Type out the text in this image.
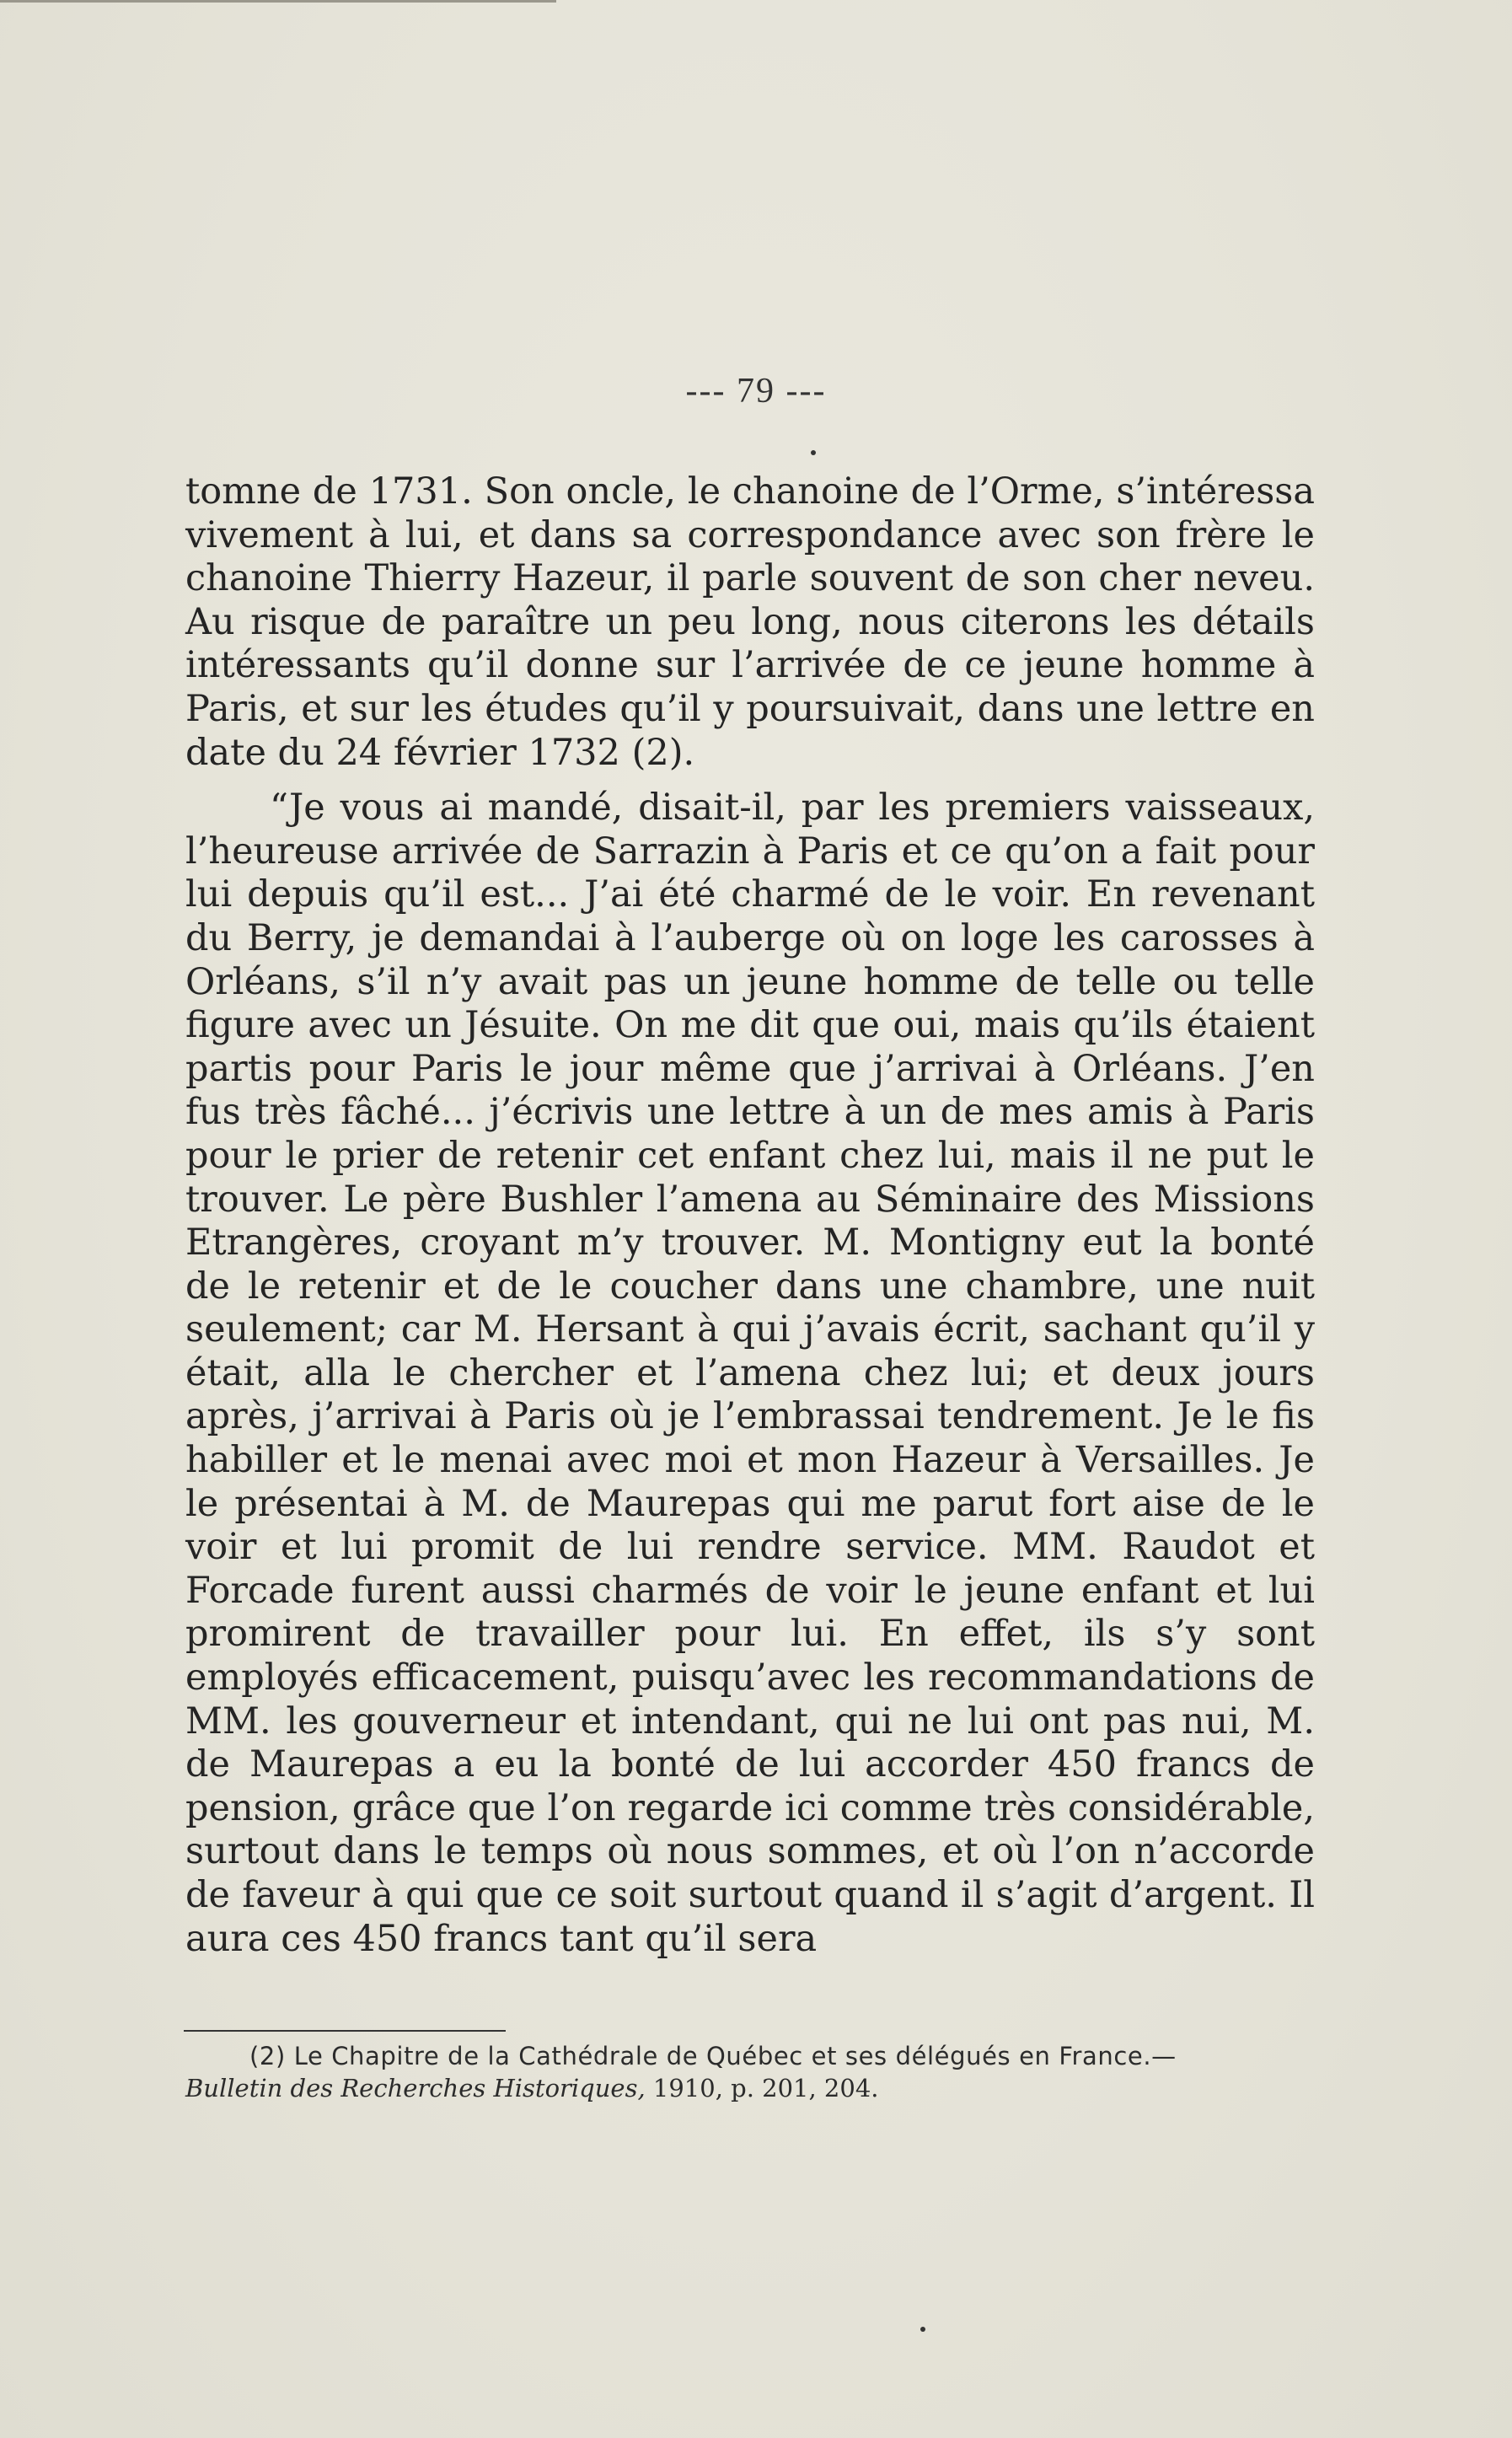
--- 79 ---

tomne de 1731. Son oncle, le chanoine de l’Orme, s’intéressa vivement à lui, et dans sa correspondance avec son frère le chanoine Thierry Hazeur, il parle souvent de son cher neveu. Au risque de paraître un peu long, nous citerons les détails intéressants qu’il donne sur l’arrivée de ce jeune homme à Paris, et sur les études qu’il y poursuivait, dans une lettre en date du 24 février 1732 (2).

“Je vous ai mandé, disait-il, par les premiers vaisseaux, l’heureuse arrivée de Sarrazin à Paris et ce qu’on a fait pour lui depuis qu’il est... J’ai été charmé de le voir. En revenant du Berry, je demandai à l’auberge où on loge les carosses à Orléans, s’il n’y avait pas un jeune homme de telle ou telle figure avec un Jésuite. On me dit que oui, mais qu’ils étaient partis pour Paris le jour même que j’arrivai à Orléans. J’en fus très fâché... j’écrivis une lettre à un de mes amis à Paris pour le prier de retenir cet enfant chez lui, mais il ne put le trouver. Le père Bushler l’amena au Séminaire des Missions Etrangères, croyant m’y trouver. M. Montigny eut la bonté de le retenir et de le coucher dans une chambre, une nuit seulement; car M. Hersant à qui j’avais écrit, sachant qu’il y était, alla le chercher et l’amena chez lui; et deux jours après, j’arrivai à Paris où je l’embrassai tendrement. Je le fis habiller et le menai avec moi et mon Hazeur à Versailles. Je le présentai à M. de Maurepas qui me parut fort aise de le voir et lui promit de lui rendre service. MM. Raudot et Forcade furent aussi charmés de voir le jeune enfant et lui promirent de travailler pour lui. En effet, ils s’y sont employés efficacement, puisqu’avec les recommandations de MM. les gouverneur et intendant, qui ne lui ont pas nui, M. de Maurepas a eu la bonté de lui accorder 450 francs de pension, grâce que l’on regarde ici comme très considérable, surtout dans le temps où nous sommes, et où l’on n’accorde de faveur à qui que ce soit surtout quand il s’agit d’argent. Il aura ces 450 francs tant qu’il sera

(2) Le Chapitre de la Cathédrale de Québec et ses délégués en France.—
Bulletin des Recherches Historiques, 1910, p. 201, 204.
